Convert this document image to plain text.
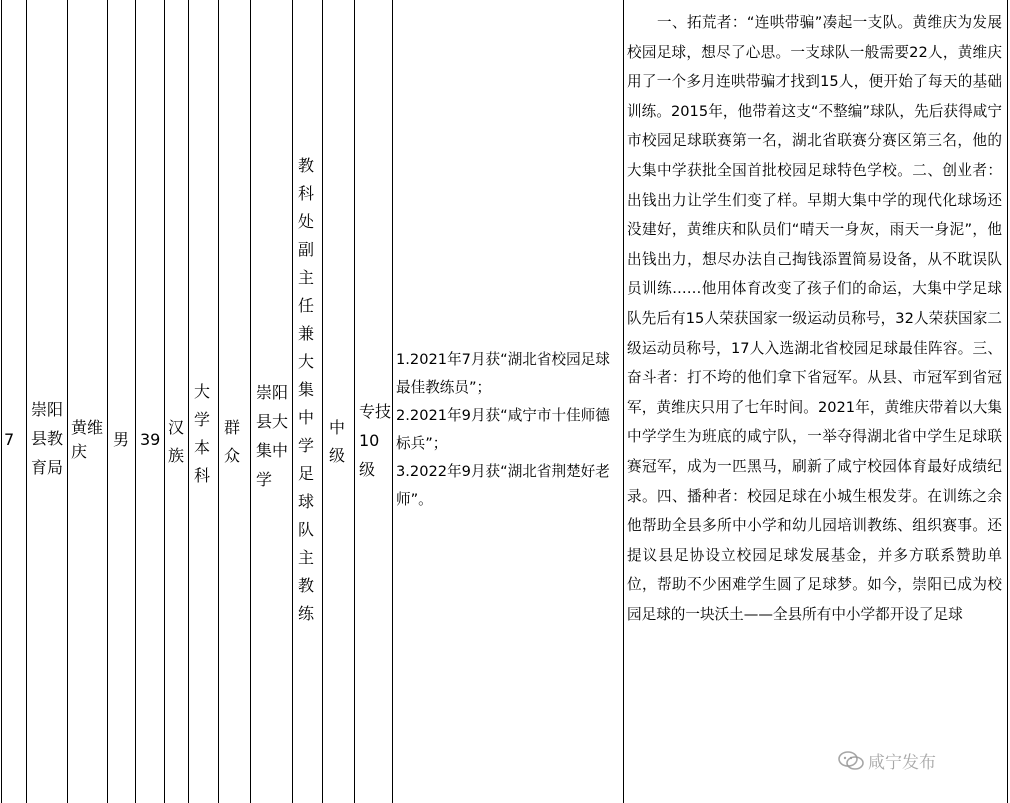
7
崇阳县教育局
黄维庆
男 39
汉族
大学本科
群众
崇阳县大集中学
教科处副主任兼大集中学足球队主教练
中级
专技10级
1.2021年7月获“湖北省校园足球最佳教练员”；
2.2021年9月获“咸宁市十佳师德标兵”；
3.2022年9月获“湖北省荆楚好老师”。
一、拓荒者：“连哄带骗”凑起一支队。黄维庆为发展校园足球，想尽了心思。一支球队一般需要22人，黄维庆用了一个多月连哄带骗才找到15人，便开始了每天的基础训练。2015年，他带着这支“不整编”球队，先后获得咸宁市校园足球联赛第一名，湖北省联赛分赛区第三名，他的大集中学获批全国首批校园足球特色学校。二、创业者：出钱出力让学生们变了样。早期大集中学的现代化球场还没建好，黄维庆和队员们“晴天一身灰，雨天一身泥”，他出钱出力，想尽办法自己掏钱添置简易设备，从不耽误队员训练……他用体育改变了孩子们的命运，大集中学足球队先后有15人荣获国家一级运动员称号，32人荣获国家二级运动员称号，17人入选湖北省校园足球最佳阵容。三、奋斗者：打不垮的他们拿下省冠军。从县、市冠军到省冠军，黄维庆只用了七年时间。2021年，黄维庆带着以大集中学学生为班底的咸宁队，一举夺得湖北省中学生足球联赛冠军，成为一匹黑马，刷新了咸宁校园体育最好成绩纪录。四、播种者：校园足球在小城生根发芽。在训练之余他帮助全县多所中小学和幼儿园培训教练、组织赛事。还提议县足协设立校园足球发展基金，并多方联系赞助单位，帮助不少困难学生圆了足球梦。如今，崇阳已成为校园足球的一块沃土——全县所有中小学都开设了足球
咸宁发布
